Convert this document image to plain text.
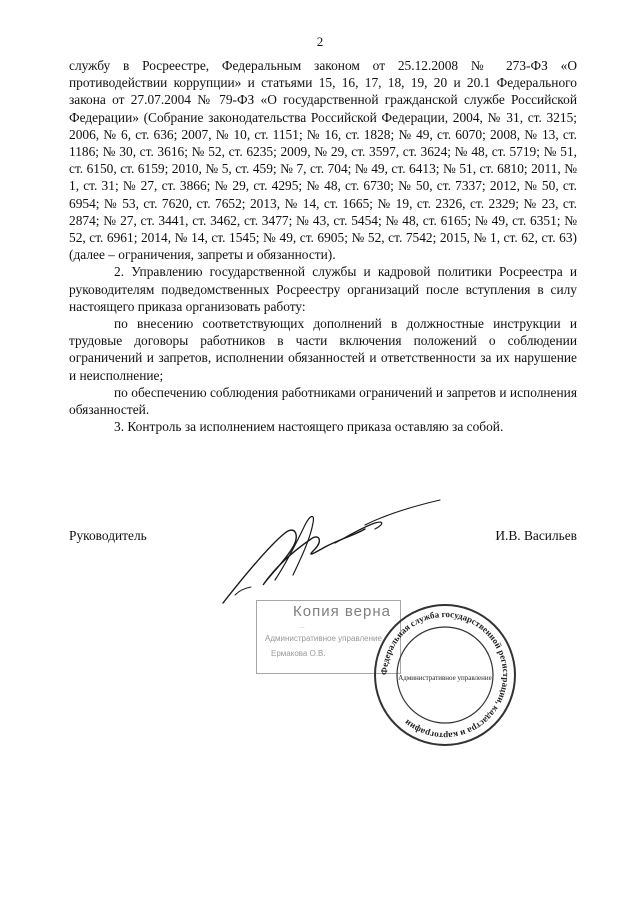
2

службу в Росреестре, Федеральным законом от 25.12.2008 № 273-ФЗ «О противодействии коррупции» и статьями 15, 16, 17, 18, 19, 20 и 20.1 Федерального закона от 27.07.2004 № 79-ФЗ «О государственной гражданской службе Российской Федерации» (Собрание законодательства Российской Федерации, 2004, № 31, ст. 3215; 2006, № 6, ст. 636; 2007, № 10, ст. 1151; № 16, ст. 1828; № 49, ст. 6070; 2008, № 13, ст. 1186; № 30, ст. 3616; № 52, ст. 6235; 2009, № 29, ст. 3597, ст. 3624; № 48, ст. 5719; № 51, ст. 6150, ст. 6159; 2010, № 5, ст. 459; № 7, ст. 704; № 49, ст. 6413; № 51, ст. 6810; 2011, № 1, ст. 31; № 27, ст. 3866; № 29, ст. 4295; № 48, ст. 6730; № 50, ст. 7337; 2012, № 50, ст. 6954; № 53, ст. 7620, ст. 7652; 2013, № 14, ст. 1665; № 19, ст. 2326, ст. 2329; № 23, ст. 2874; № 27, ст. 3441, ст. 3462, ст. 3477; № 43, ст. 5454; № 48, ст. 6165; № 49, ст. 6351; № 52, ст. 6961; 2014, № 14, ст. 1545; № 49, ст. 6905; № 52, ст. 7542; 2015, № 1, ст. 62, ст. 63) (далее – ограничения, запреты и обязанности).

2. Управлению государственной службы и кадровой политики Росреестра и руководителям подведомственных Росреестру организаций после вступления в силу настоящего приказа организовать работу:

по внесению соответствующих дополнений в должностные инструкции и трудовые договоры работников в части включения положений о соблюдении ограничений и запретов, исполнении обязанностей и ответственности за их нарушение и неисполнение;

по обеспечению соблюдения работниками ограничений и запретов и исполнения обязанностей.

3. Контроль за исполнением настоящего приказа оставляю за собой.

Руководитель	И.В. Васильев
Копия верна
...
Административное управление
Ермакова О.В.
Федеральная служба государственной регистрации, кадастра и картографии
Административное управление
